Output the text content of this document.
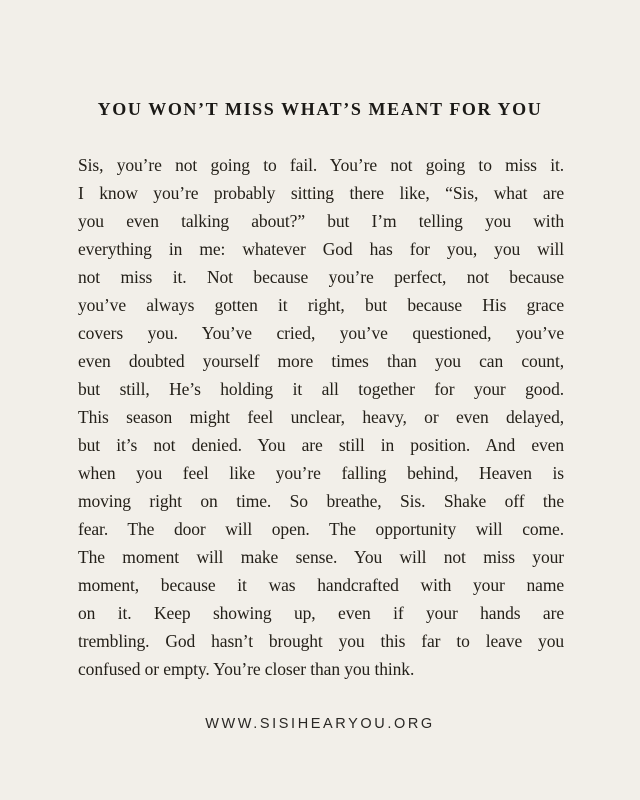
YOU WON’T MISS WHAT’S MEANT FOR YOU
Sis, you’re not going to fail. You’re not going to miss it.
I know you’re probably sitting there like, “Sis, what are
you even talking about?” but I’m telling you with
everything in me: whatever God has for you, you will
not miss it. Not because you’re perfect, not because
you’ve always gotten it right, but because His grace
covers you. You’ve cried, you’ve questioned, you’ve
even doubted yourself more times than you can count,
but still, He’s holding it all together for your good.
This season might feel unclear, heavy, or even delayed,
but it’s not denied. You are still in position. And even
when you feel like you’re falling behind, Heaven is
moving right on time. So breathe, Sis. Shake off the
fear. The door will open. The opportunity will come.
The moment will make sense. You will not miss your
moment, because it was handcrafted with your name
on it. Keep showing up, even if your hands are
trembling. God hasn’t brought you this far to leave you
confused or empty. You’re closer than you think.
WWW.SISIHEARYOU.ORG
